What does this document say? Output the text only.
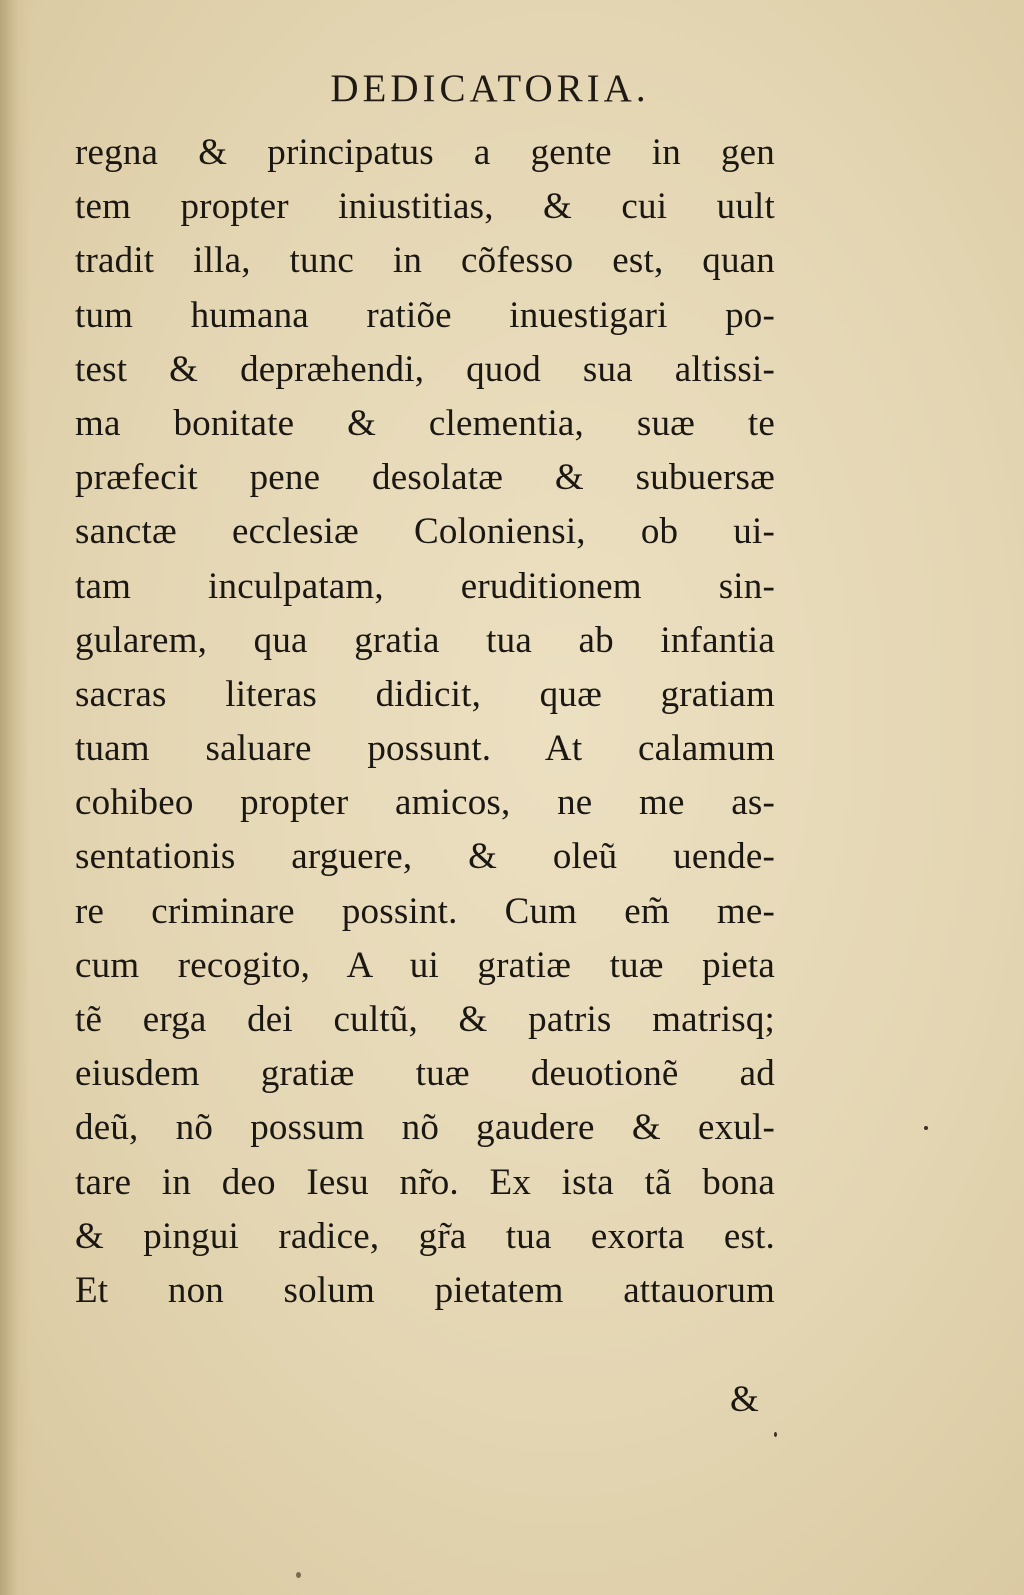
DEDICATORIA.
regna & principatus a gente in gen
tem propter iniustitias, & cui uult
tradit illa, tunc in cõfesso est, quan
tum humana ratiõe inuestigari po-
test & depræhendi, quod sua altissi-
ma bonitate & clementia, suæ te
præfecit pene desolatæ & subuersæ
sanctæ ecclesiæ Coloniensi, ob ui-
tam inculpatam, eruditionem sin-
gularem, qua gratia tua ab infantia
sacras literas didicit, quæ gratiam
tuam saluare possunt. At calamum
cohibeo propter amicos, ne me as-
sentationis arguere, & oleũ uende-
re criminare possint. Cum em̃ me-
cum recogito, A ui gratiæ tuæ pieta
tẽ erga dei cultũ, & patris matrisq;
eiusdem gratiæ tuæ deuotionẽ ad
deũ, nõ possum nõ gaudere & exul-
tare in deo Iesu nr̃o. Ex ista tã bona
& pingui radice, gr̃a tua exorta est.
Et non solum pietatem attauorum
&
